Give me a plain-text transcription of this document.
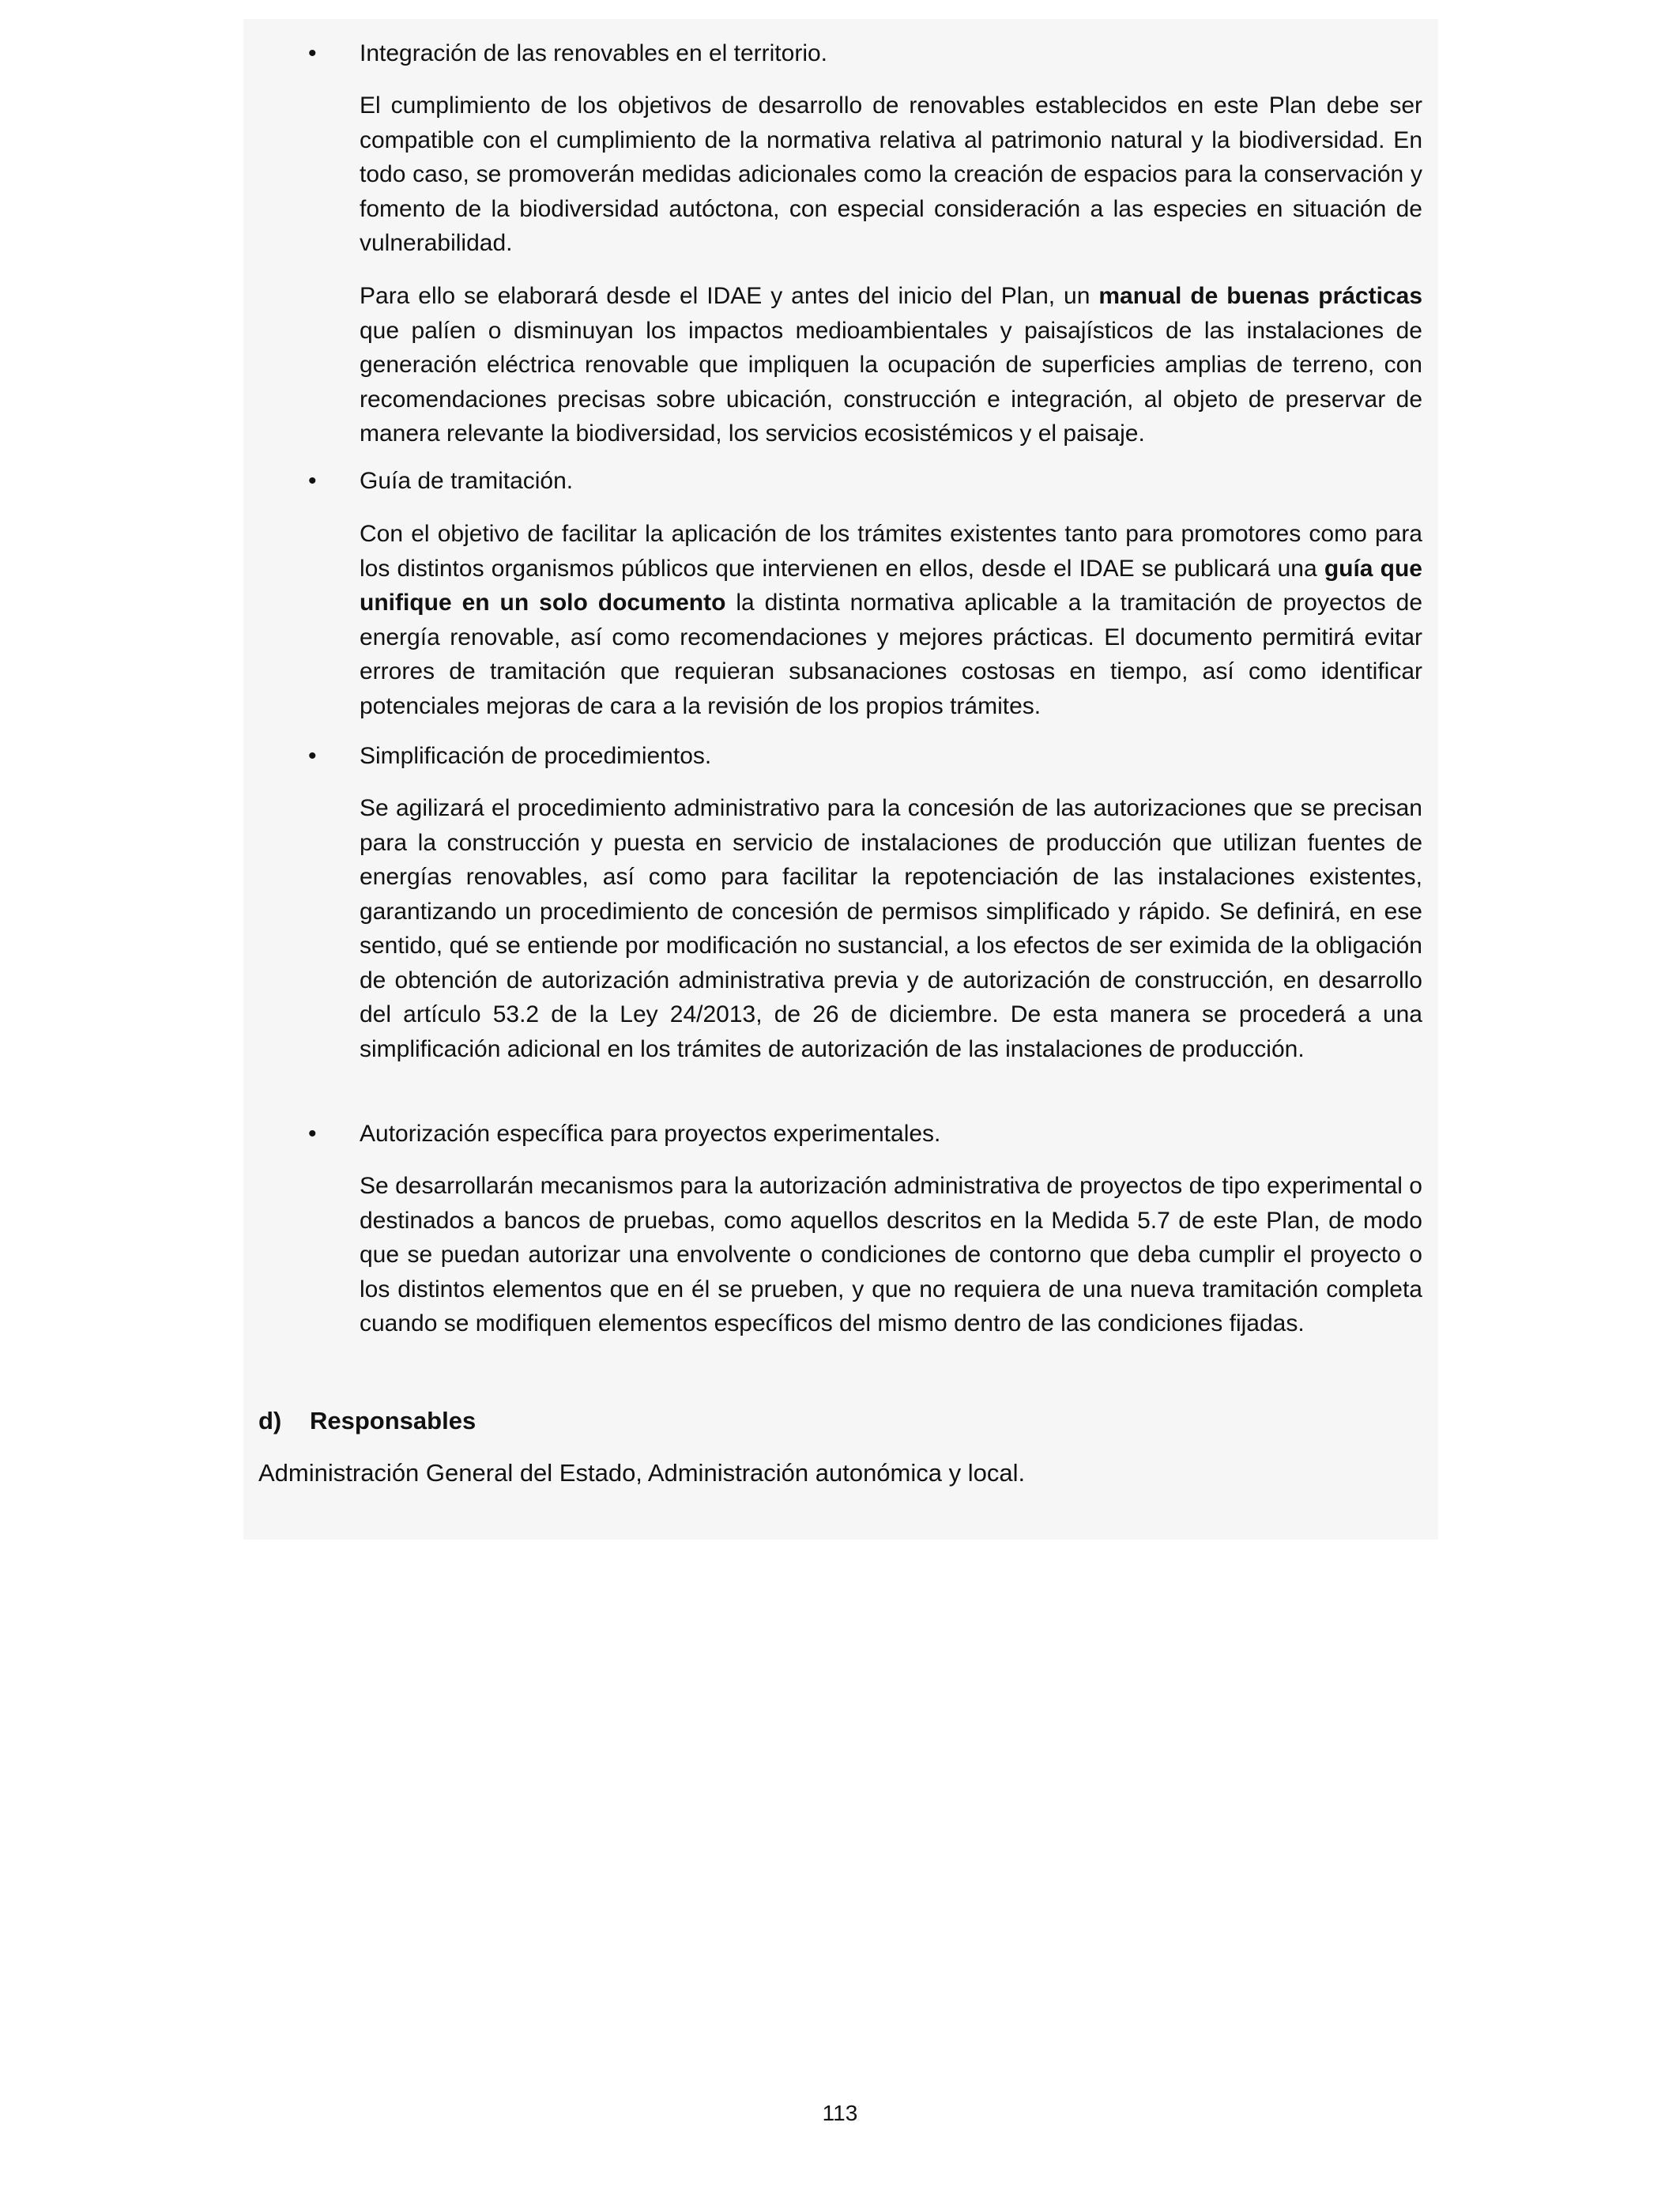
• Integración de las renovables en el territorio.

El cumplimiento de los objetivos de desarrollo de renovables establecidos en este Plan debe ser compatible con el cumplimiento de la normativa relativa al patrimonio natural y la biodiversidad. En todo caso, se promoverán medidas adicionales como la creación de espacios para la conservación y fomento de la biodiversidad autóctona, con especial consideración a las especies en situación de vulnerabilidad.

Para ello se elaborará desde el IDAE y antes del inicio del Plan, un manual de buenas prácticas que palíen o disminuyan los impactos medioambientales y paisajísticos de las instalaciones de generación eléctrica renovable que impliquen la ocupación de superficies amplias de terreno, con recomendaciones precisas sobre ubicación, construcción e integración, al objeto de preservar de manera relevante la biodiversidad, los servicios ecosistémicos y el paisaje.

• Guía de tramitación.

Con el objetivo de facilitar la aplicación de los trámites existentes tanto para promotores como para los distintos organismos públicos que intervienen en ellos, desde el IDAE se publicará una guía que unifique en un solo documento la distinta normativa aplicable a la tramitación de proyectos de energía renovable, así como recomendaciones y mejores prácticas. El documento permitirá evitar errores de tramitación que requieran subsanaciones costosas en tiempo, así como identificar potenciales mejoras de cara a la revisión de los propios trámites.

• Simplificación de procedimientos.

Se agilizará el procedimiento administrativo para la concesión de las autorizaciones que se precisan para la construcción y puesta en servicio de instalaciones de producción que utilizan fuentes de energías renovables, así como para facilitar la repotenciación de las instalaciones existentes, garantizando un procedimiento de concesión de permisos simplificado y rápido. Se definirá, en ese sentido, qué se entiende por modificación no sustancial, a los efectos de ser eximida de la obligación de obtención de autorización administrativa previa y de autorización de construcción, en desarrollo del artículo 53.2 de la Ley 24/2013, de 26 de diciembre. De esta manera se procederá a una simplificación adicional en los trámites de autorización de las instalaciones de producción.

• Autorización específica para proyectos experimentales.

Se desarrollarán mecanismos para la autorización administrativa de proyectos de tipo experimental o destinados a bancos de pruebas, como aquellos descritos en la Medida 5.7 de este Plan, de modo que se puedan autorizar una envolvente o condiciones de contorno que deba cumplir el proyecto o los distintos elementos que en él se prueben, y que no requiera de una nueva tramitación completa cuando se modifiquen elementos específicos del mismo dentro de las condiciones fijadas.

d) Responsables

Administración General del Estado, Administración autonómica y local.

113
